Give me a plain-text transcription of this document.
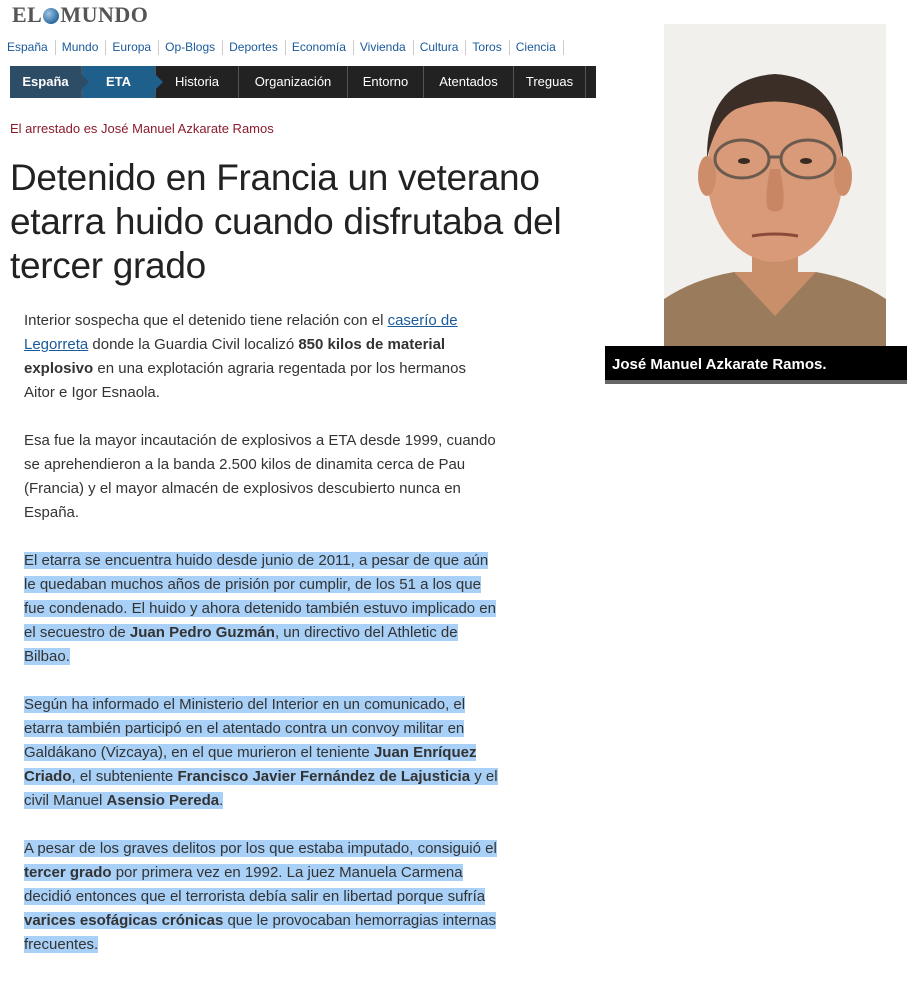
EL MUNDO
España	Mundo	Europa	Op-Blogs	Deportes	Economía	Vivienda	Cultura	Toros	Ciencia
España	ETA	Historia	Organización	Entorno	Atentados	Treguas
El arrestado es José Manuel Azkarate Ramos
Detenido en Francia un veterano etarra huido cuando disfrutaba del tercer grado

Interior sospecha que el detenido tiene relación con el caserío de Legorreta donde la Guardia Civil localizó 850 kilos de material explosivo en una explotación agraria regentada por los hermanos Aitor e Igor Esnaola.

Esa fue la mayor incautación de explosivos a ETA desde 1999, cuando se aprehendieron a la banda 2.500 kilos de dinamita cerca de Pau (Francia) y el mayor almacén de explosivos descubierto nunca en España.

El etarra se encuentra huido desde junio de 2011, a pesar de que aún le quedaban muchos años de prisión por cumplir, de los 51 a los que fue condenado. El huido y ahora detenido también estuvo implicado en el secuestro de Juan Pedro Guzmán, un directivo del Athletic de Bilbao.

Según ha informado el Ministerio del Interior en un comunicado, el etarra también participó en el atentado contra un convoy militar en Galdákano (Vizcaya), en el que murieron el teniente Juan Enríquez Criado, el subteniente Francisco Javier Fernández de Lajusticia y el civil Manuel Asensio Pereda.

A pesar de los graves delitos por los que estaba imputado, consiguió el tercer grado por primera vez en 1992. La juez Manuela Carmena decidió entonces que el terrorista debía salir en libertad porque sufría varices esofágicas crónicas que le provocaban hemorragias internas frecuentes.

José Manuel Azkarate Ramos.
